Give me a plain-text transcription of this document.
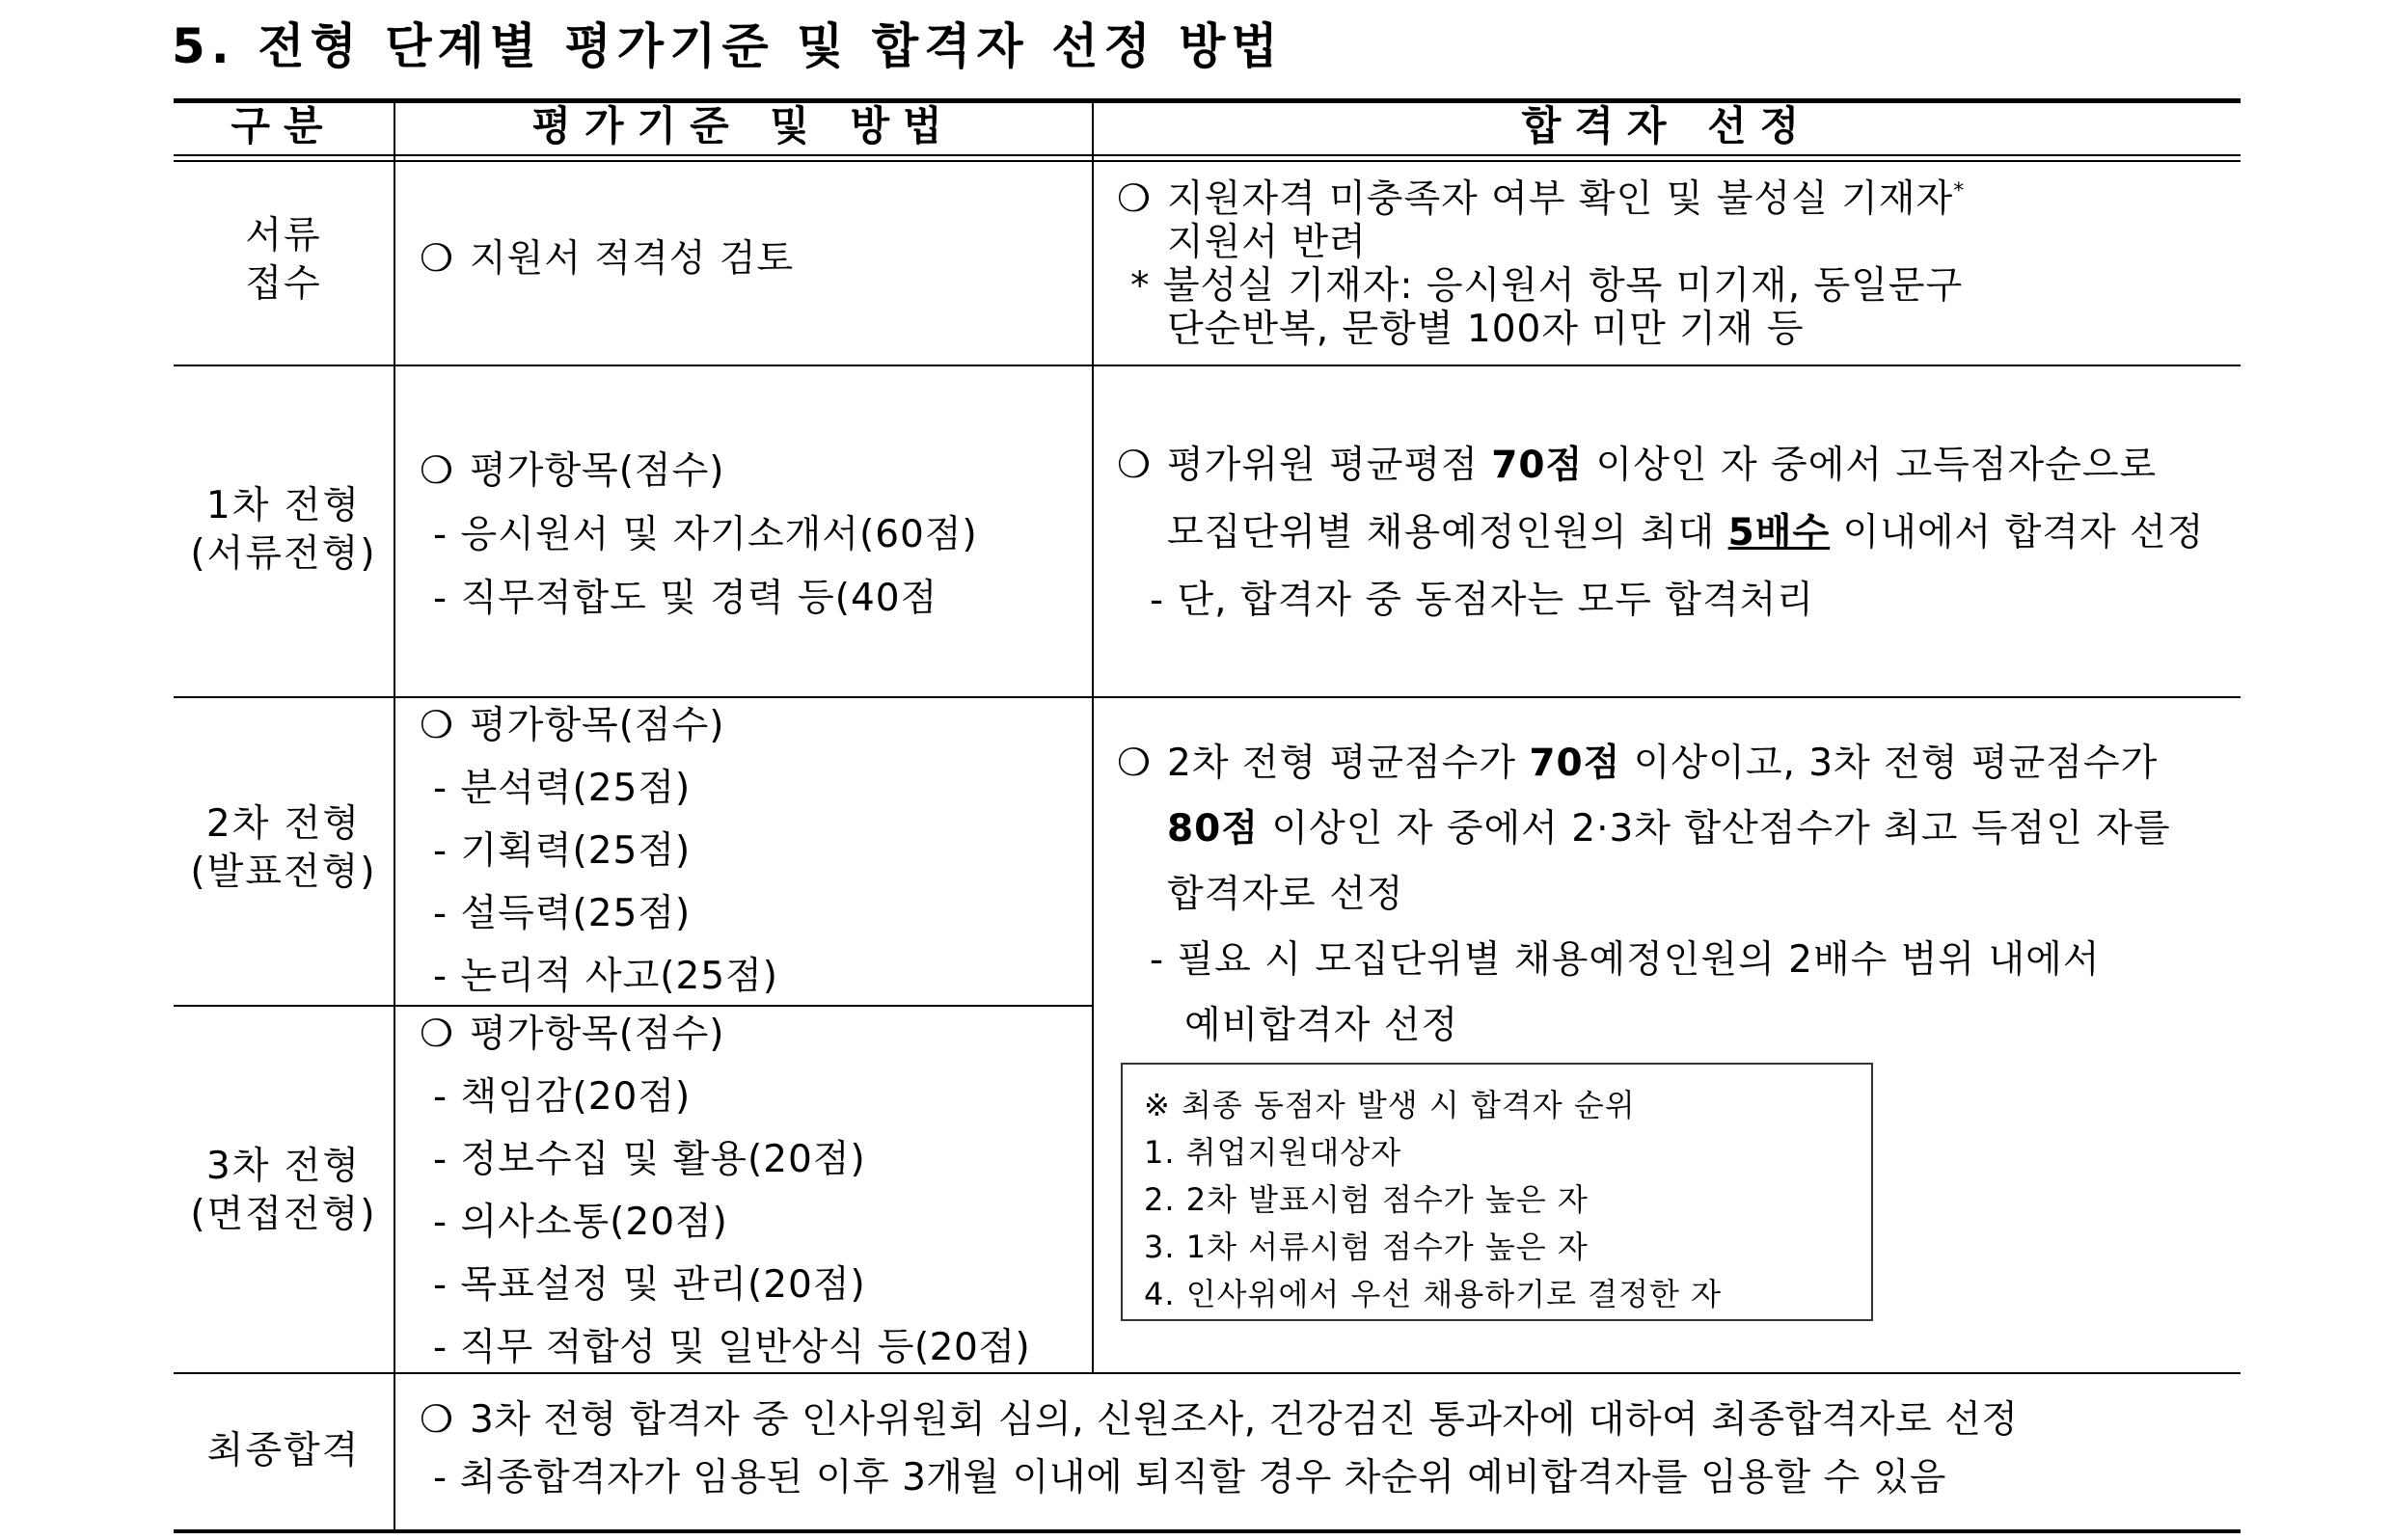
5. 전형 단계별 평가기준 및 합격자 선정 방법
구분	평가기준 및 방법	합격자 선정
서류
접수
❍ 지원서 적격성 검토
❍ 지원자격 미충족자 여부 확인 및 불성실 기재자*
지원서 반려
* 불성실 기재자: 응시원서 항목 미기재, 동일문구
단순반복, 문항별 100자 미만 기재 등
1차 전형
(서류전형)
❍ 평가항목(점수)
- 응시원서 및 자기소개서(60점)
- 직무적합도 및 경력 등(40점
❍ 평가위원 평균평점 70점 이상인 자 중에서 고득점자순으로
모집단위별 채용예정인원의 최대 5배수 이내에서 합격자 선정
- 단, 합격자 중 동점자는 모두 합격처리
2차 전형
(발표전형)
❍ 평가항목(점수)
- 분석력(25점)
- 기획력(25점)
- 설득력(25점)
- 논리적 사고(25점)
❍ 2차 전형 평균점수가 70점 이상이고, 3차 전형 평균점수가
80점 이상인 자 중에서 2·3차 합산점수가 최고 득점인 자를
합격자로 선정
- 필요 시 모집단위별 채용예정인원의 2배수 범위 내에서
예비합격자 선정
3차 전형
(면접전형)
❍ 평가항목(점수)
- 책임감(20점)
- 정보수집 및 활용(20점)
- 의사소통(20점)
- 목표설정 및 관리(20점)
- 직무 적합성 및 일반상식 등(20점)
※ 최종 동점자 발생 시 합격자 순위
1. 취업지원대상자
2. 2차 발표시험 점수가 높은 자
3. 1차 서류시험 점수가 높은 자
4. 인사위에서 우선 채용하기로 결정한 자
최종합격
❍ 3차 전형 합격자 중 인사위원회 심의, 신원조사, 건강검진 통과자에 대하여 최종합격자로 선정
- 최종합격자가 임용된 이후 3개월 이내에 퇴직할 경우 차순위 예비합격자를 임용할 수 있음
